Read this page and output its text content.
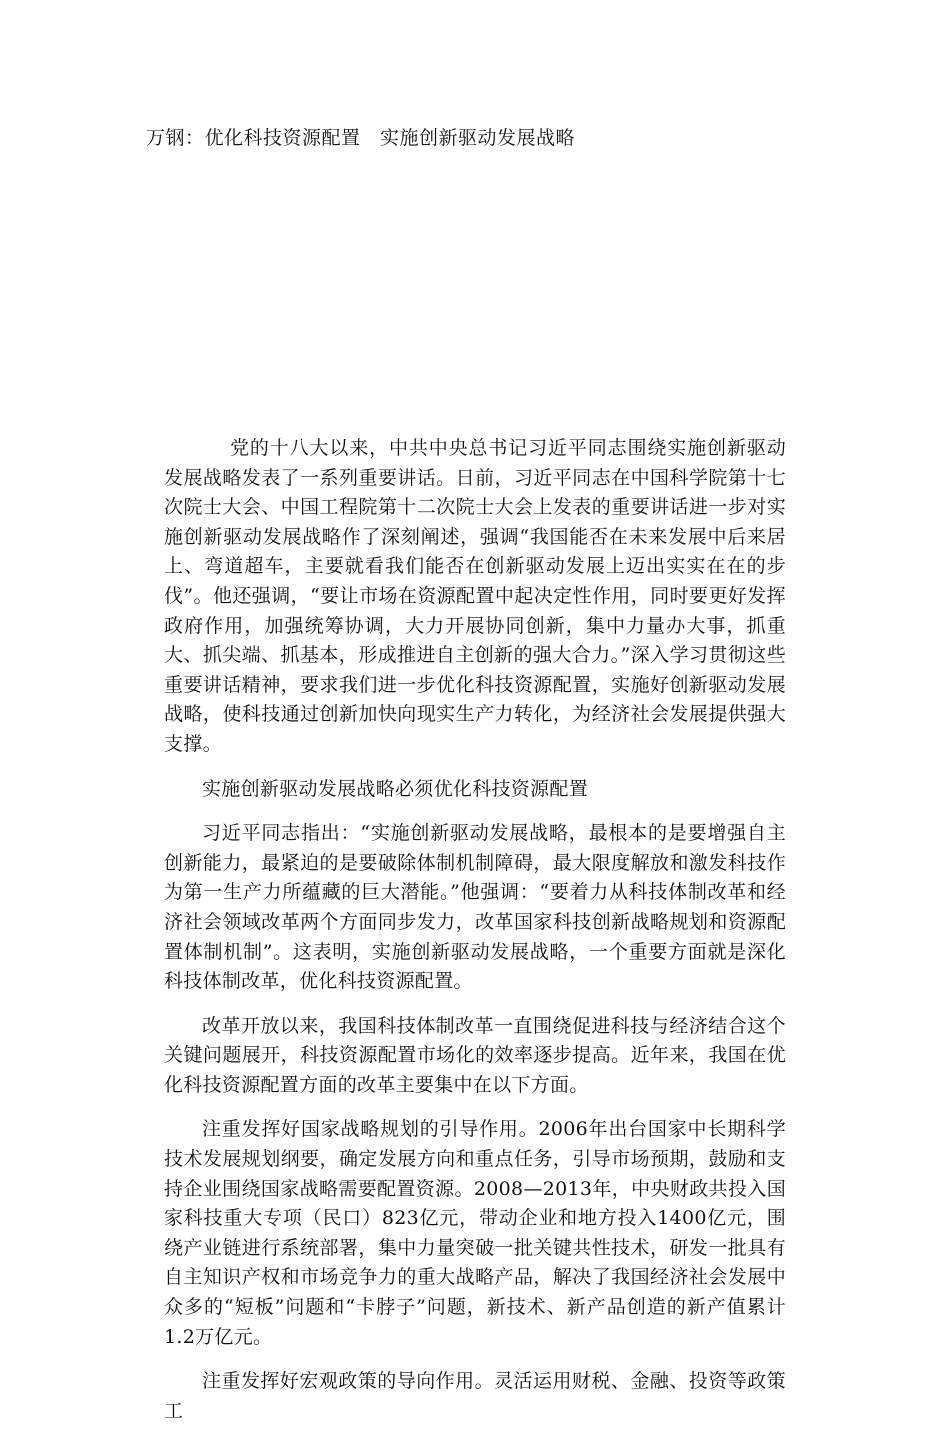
万钢：优化科技资源配置　实施创新驱动发展战略

党的十八大以来，中共中央总书记习近平同志围绕实施创新驱动发展战略发表了一系列重要讲话。日前，习近平同志在中国科学院第十七次院士大会、中国工程院第十二次院士大会上发表的重要讲话进一步对实施创新驱动发展战略作了深刻阐述，强调“我国能否在未来发展中后来居上、弯道超车，主要就看我们能否在创新驱动发展上迈出实实在在的步伐”。他还强调，“要让市场在资源配置中起决定性作用，同时要更好发挥政府作用，加强统筹协调，大力开展协同创新，集中力量办大事，抓重大、抓尖端、抓基本，形成推进自主创新的强大合力。”深入学习贯彻这些重要讲话精神，要求我们进一步优化科技资源配置，实施好创新驱动发展战略，使科技通过创新加快向现实生产力转化，为经济社会发展提供强大支撑。

实施创新驱动发展战略必须优化科技资源配置

习近平同志指出：“实施创新驱动发展战略，最根本的是要增强自主创新能力，最紧迫的是要破除体制机制障碍，最大限度解放和激发科技作为第一生产力所蕴藏的巨大潜能。”他强调：“要着力从科技体制改革和经济社会领域改革两个方面同步发力，改革国家科技创新战略规划和资源配置体制机制”。这表明，实施创新驱动发展战略，一个重要方面就是深化科技体制改革，优化科技资源配置。

改革开放以来，我国科技体制改革一直围绕促进科技与经济结合这个关键问题展开，科技资源配置市场化的效率逐步提高。近年来，我国在优化科技资源配置方面的改革主要集中在以下方面。

注重发挥好国家战略规划的引导作用。2006年出台国家中长期科学技术发展规划纲要，确定发展方向和重点任务，引导市场预期，鼓励和支持企业围绕国家战略需要配置资源。2008—2013年，中央财政共投入国家科技重大专项（民口）823亿元，带动企业和地方投入1400亿元，围绕产业链进行系统部署，集中力量突破一批关键共性技术，研发一批具有自主知识产权和市场竞争力的重大战略产品，解决了我国经济社会发展中众多的“短板”问题和“卡脖子”问题，新技术、新产品创造的新产值累计1.2万亿元。

注重发挥好宏观政策的导向作用。灵活运用财税、金融、投资等政策工
